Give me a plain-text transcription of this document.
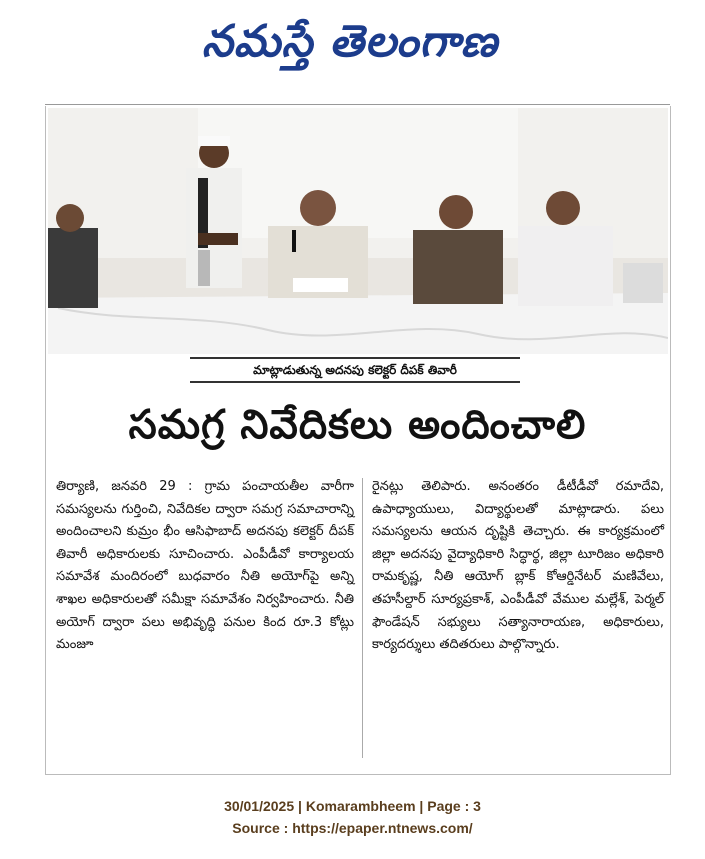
నమస్తే తెలంగాణ
మాట్లాడుతున్న అదనపు కలెక్టర్ దీపక్ తివారీ
సమగ్ర నివేదికలు అందించాలి
తిర్యాణి, జనవరి 29 : గ్రామ పంచాయతీల వారీగా సమస్యలను గుర్తించి, నివేదికల ద్వారా సమగ్ర సమాచారాన్ని అందించాలని కుమ్రం భీం ఆసిఫాబాద్ అదనపు కలెక్టర్ దీపక్ తివారీ అధికారులకు సూచించారు. ఎంపీడీవో కార్యాలయ సమావేశ మందిరంలో బుధవారం నీతి అయోగ్‌పై అన్ని శాఖల అధికారులతో సమీక్షా సమావేశం నిర్వహించారు. నీతి అయోగ్ ద్వారా పలు అభివృద్ధి పనుల కింద రూ.3 కోట్లు మంజూ
రైనట్లు తెలిపారు. అనంతరం డీటీడీవో రమాదేవి, ఉపాధ్యాయులు, విద్యార్థులతో మాట్లాడారు. పలు సమస్యలను ఆయన దృష్టికి తెచ్చారు. ఈ కార్యక్రమంలో జిల్లా అదనపు వైద్యాధికారి సిద్ధార్థ, జిల్లా టూరిజం అధికారి రామకృష్ణ, నీతి ఆయోగ్ బ్లాక్ కోఆర్డినేటర్ మణివేలు, తహసీల్దార్ సూర్యప్రకాశ్, ఎంపీడీవో వేముల మల్లేశ్, పెర్మల్ ఫౌండేషన్ సభ్యులు సత్యానారాయణ, అధికారులు, కార్యదర్శులు తదితరులు పాల్గొన్నారు.
30/01/2025 | Komarambheem | Page : 3
Source : https://epaper.ntnews.com/
